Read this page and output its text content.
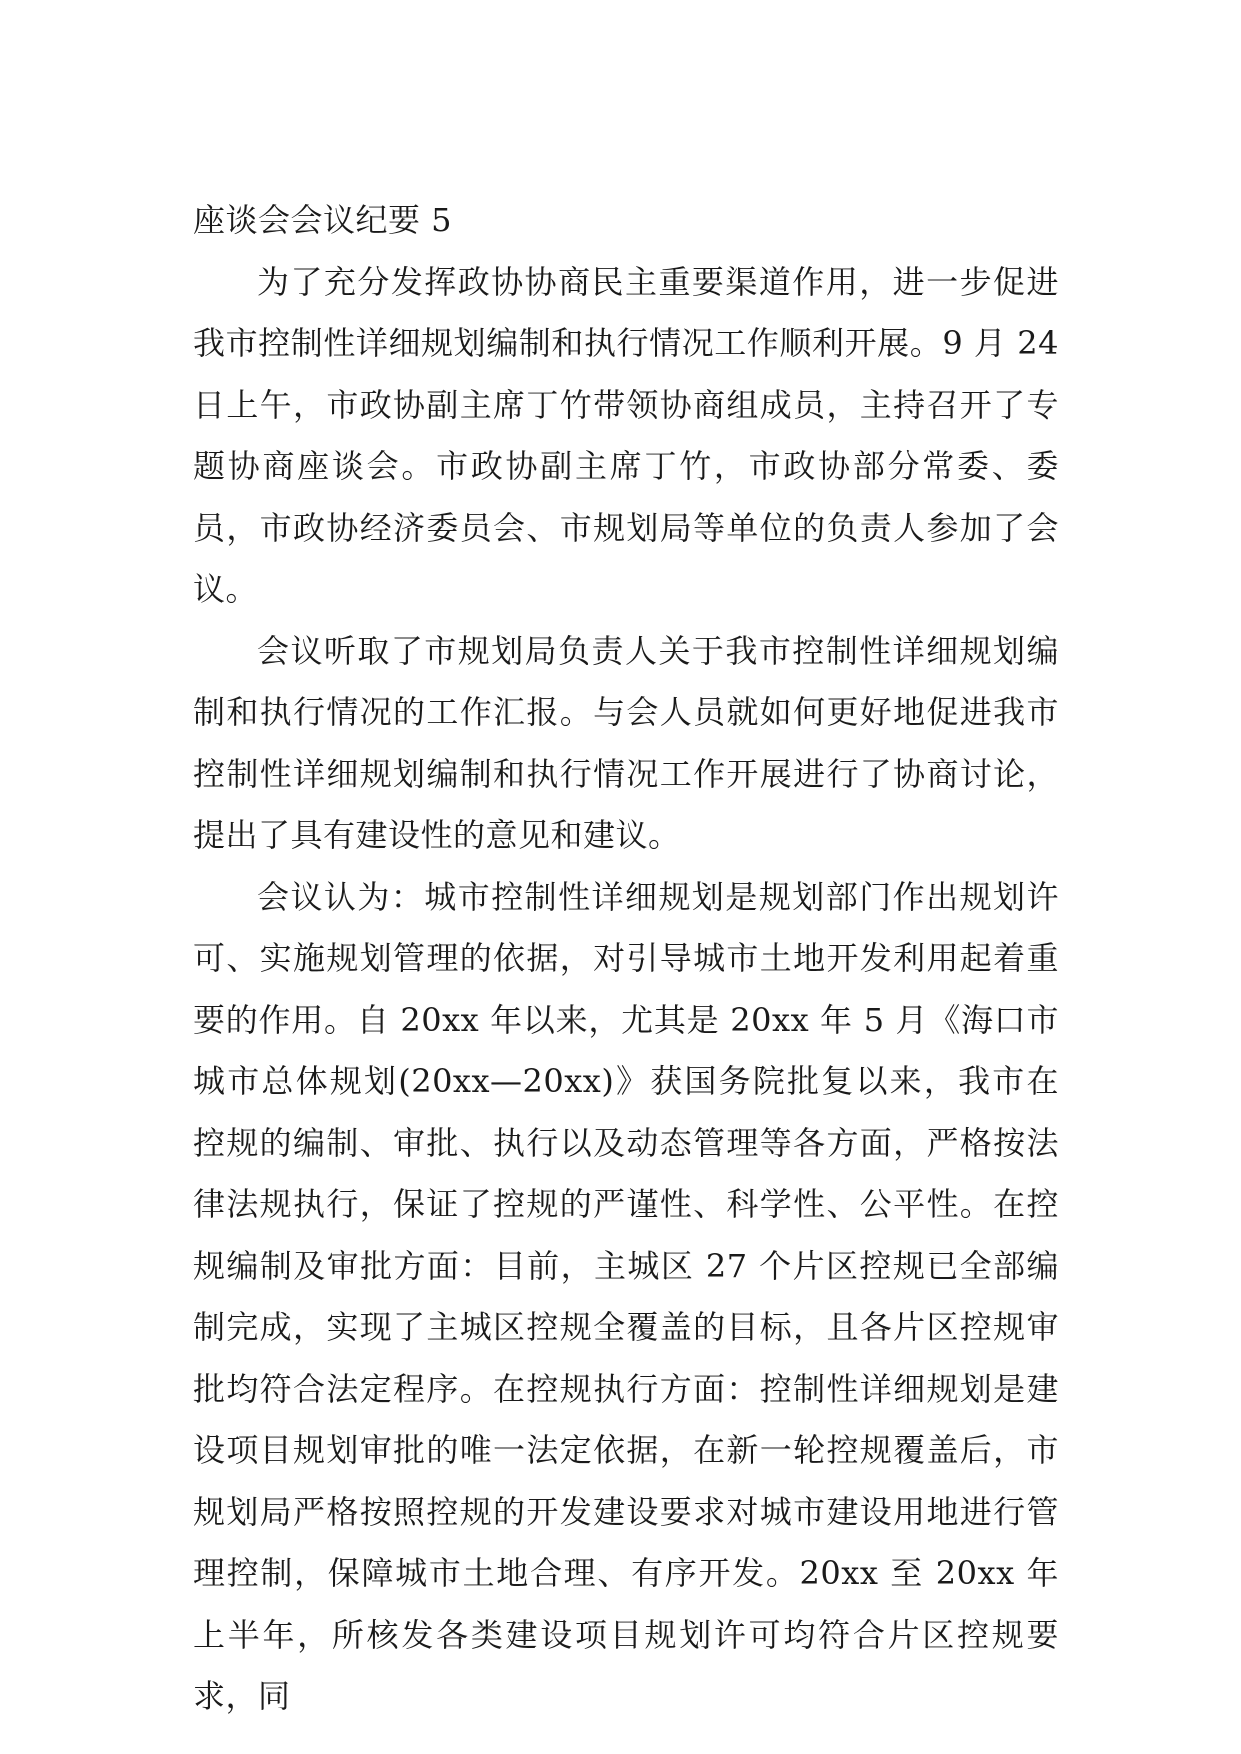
座谈会会议纪要 5

为了充分发挥政协协商民主重要渠道作用，进一步促进我市控制性详细规划编制和执行情况工作顺利开展。9 月 24 日上午，市政协副主席丁竹带领协商组成员，主持召开了专题协商座谈会。市政协副主席丁竹，市政协部分常委、委员，市政协经济委员会、市规划局等单位的负责人参加了会议。

会议听取了市规划局负责人关于我市控制性详细规划编制和执行情况的工作汇报。与会人员就如何更好地促进我市控制性详细规划编制和执行情况工作开展进行了协商讨论，提出了具有建设性的意见和建议。

会议认为：城市控制性详细规划是规划部门作出规划许可、实施规划管理的依据，对引导城市土地开发利用起着重要的作用。自 20xx 年以来，尤其是 20xx 年 5 月《海口市城市总体规划(20xx—20xx)》获国务院批复以来，我市在控规的编制、审批、执行以及动态管理等各方面，严格按法律法规执行，保证了控规的严谨性、科学性、公平性。在控规编制及审批方面：目前，主城区 27 个片区控规已全部编制完成，实现了主城区控规全覆盖的目标，且各片区控规审批均符合法定程序。在控规执行方面：控制性详细规划是建设项目规划审批的唯一法定依据，在新一轮控规覆盖后，市规划局严格按照控规的开发建设要求对城市建设用地进行管理控制，保障城市土地合理、有序开发。20xx 至 20xx 年上半年，所核发各类建设项目规划许可均符合片区控规要求，同
